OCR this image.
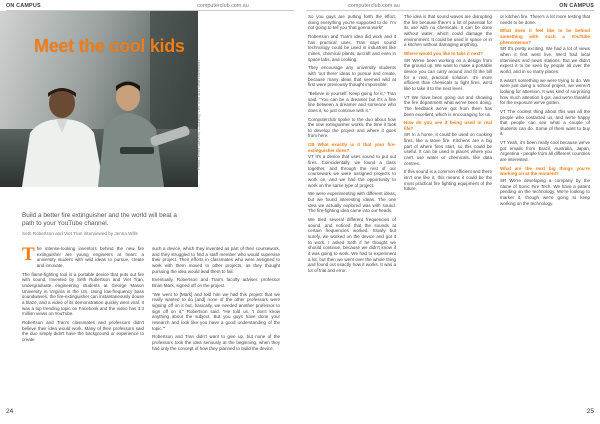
ON CAMPUS	computerclub.com.au
Photo: Peter Stevens, Courtesy Viet Tran and Seth Robertson
Meet the cool kids

Build a better fire extinguisher and the world will beat a path to your YouTube channel.

Seth Robertson and Viet Tran interviewed by Jenna Wills

The intense-looking inventors behind the new fire extinguisher are young engineers at heart: a university student with wild ideas to pursue, create and innovate.

The flame-fighting tool is a portable device that puts out fire with sound. Invented by Seth Robertson and Viet Tran, undergraduate engineering students at George Mason University in Virginia in the US. Using low-frequency bass soundwaves, the fire-extinguisher can instantaneously douse a blaze, and a video of its demonstration quickly went viral. It was a top trending topic on Facebook and the video has 3.3 million views on YouTube.

Robertson and Tran's classmates and professors didn't believe their idea would work. Many of their professors said the duo simply didn't have the background or experience to create

such a device, which they invented as part of their coursework, and they struggled to find a staff member who would supervise their project. Their efforts in classmates who were assigned to work with them moved to other projects, as they thought pursuing the idea would lead them to fail.

Eventually, Robertson and Tran's faculty adviser, professor Brian Mark, signed off on the project.

"We went to [Mark] and told him we had this project that we really wanted to do [and] none of the other professors were signing off on it but, basically, we needed another professor to sign off on it," Robertson said. "He told us, 'I don't know anything about the subject. But you guys have done your research and look like you have a good understanding of the topic.'"

Robertson and Tran didn't want to give up, but none of the professors took the idea seriously at the beginning, when they had only the concept of how they planned to build the device.

24
computerclub.com.au	ON CAMPUS

So you guys are putting forth the effort, doing everything you're supposed to do. I'm not going to tell you 'that gonna work!'

Robertson and Tran's idea did work and it has practical uses. Tran says sound technology could be used in industries like mines, chemical plants, aircraft and even in space labs, and cooking.

They encourage any university students with 'out there' ideas to pursue and create, because many ideas that seemed wild at first were previously thought impossible.

"Believe in yourself. Keep going for it," Tran said. "You can be a dreamer but it's a fine line between a dreamer and someone who does it, so just continue with it."

Computerclub spoke to the duo about how the new extinguisher works, the time it took to develop the project and where it goes from here.

CB What exactly is it that your fire-extinguisher does?

VT It's a device that uses sound to put out fires. Coincidentally, we found a class together, and through the rest of our coursework we were assigned projects to work on, and we had the opportunity to work on the same type of project.

We were experimenting with different ideas, but we found interesting ideas. The one idea we actually explored was with sound. The fire-fighting idea came into our heads.

We tried several different frequencies of sound, and noticed that the sounds at certain frequencies worked. Slowly but surely, we worked on the device and got it to work. I asked Seth if he thought we should continue, because we didn't know if it was going to work. We had to experiment a lot, but then we went over the whole thing and found out exactly how it works. It was a lot of trial and error.

The idea is that sound waves are disrupting the fire because there's a lot of potential for its use with no chemicals. It can be done without water, which could damage the environment. It could be used in space or in a kitchen without damaging anything.

Where would you like to take it next?

SR We've been working on a design from the ground up. We want to make a portable device you can carry around and fit the bill for a real, practical solution. It's more efficient than chemicals to fight fires, we'd like to take it to the next level.

VT We have been going out and showing the fire department what we've been doing. The feedback we've got from them has been excellent, which is encouraging for us.

How do you see it being used in real life?

SR In a home, it could be used on cooking fires, like a stove fire. Kitchens are a big part of where fires start, so this could be useful. It can be used in places where you can't use water or chemicals, like data centres.

If this sound is a common efficient and there isn't one like it, this means it could be the most practical fire fighting equipment of the future.

or kitchen fire. There's a lot more testing that needs to be done.

What does it feel like to be behind something with such a YouTube phenomenon?

SR It's pretty exciting. We had a lot of views when it first went live. We'd had local interviews and news stations. But we didn't expect it to be seen by people all over the world, and in so many places.

It wasn't something we were trying to do. We were just doing a school project, we weren't looking for attention. It was kind of surprising how much attention it got, and we're thankful for the exposure we've gotten.

VT The coolest thing about this was all the people who contacted us, and we're happy that people can see what a couple of students can do. Some of them want to buy it.

VT Yeah, it's been really cool because we've got emails from Brazil, Australia, Japan, Argentina - people from all different countries are interested.

What are the next big things you're working on at the moment?

SR We're developing a company by the name of Sonic Fire Tech. We have a patent pending on the technology. We're looking to market it, though we're going to keep working on the technology.

25
